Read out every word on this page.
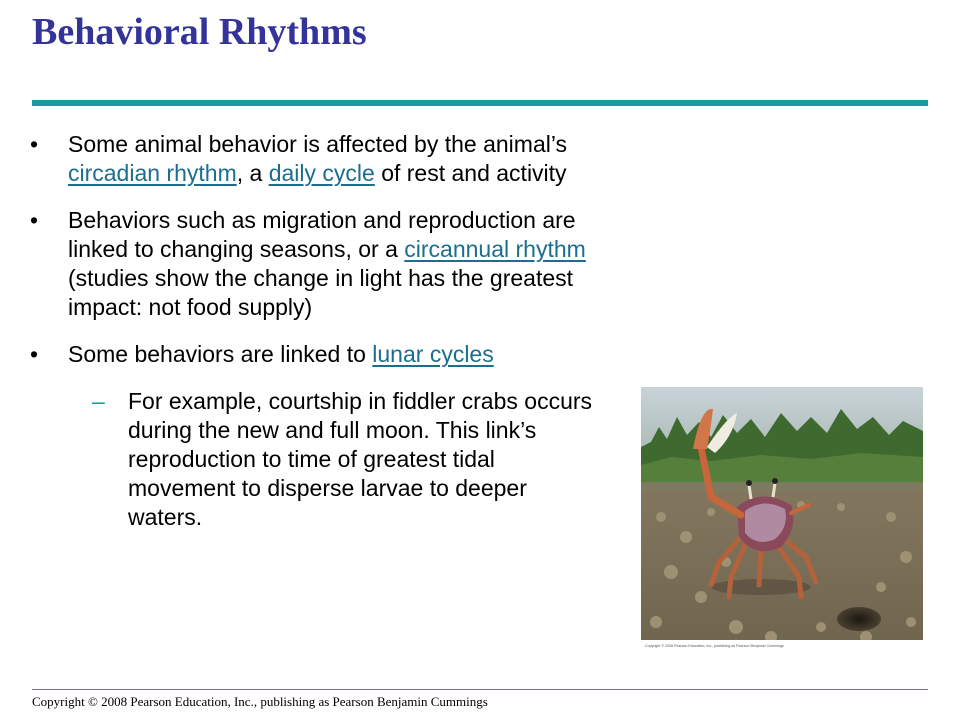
Behavioral Rhythms

• Some animal behavior is affected by the animal’s circadian rhythm, a daily cycle of rest and activity

• Behaviors such as migration and reproduction are linked to changing seasons, or a circannual rhythm (studies show the change in light has the greatest impact: not food supply)

• Some behaviors are linked to lunar cycles

– For example, courtship in fiddler crabs occurs during the new and full moon. This link’s reproduction to time of greatest tidal movement to disperse larvae to deeper waters.

Copyright © 2008 Pearson Education, Inc., publishing as Pearson Benjamin Cummings
Copyright © 2008 Pearson Education, Inc., publishing as Pearson Benjamin Cummings
